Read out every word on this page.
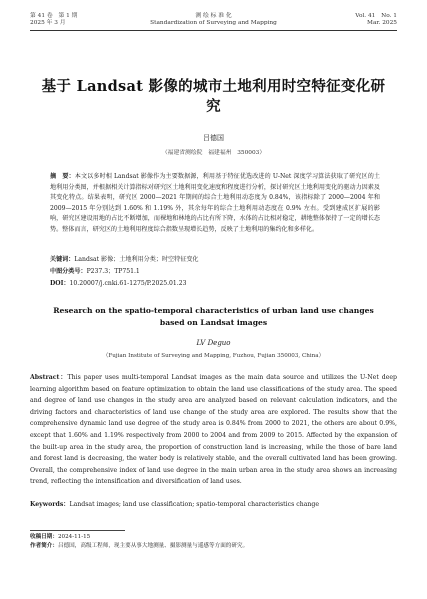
第 41 卷　第 1 期
2025 年 3 月
测 绘 标 准 化
Standardization of Surveying and Mapping
Vol. 41　No. 1
Mar. 2025
基于 Landsat 影像的城市土地利用时空特征变化研究
吕德国
（福建省测绘院　福建福州　350003）
摘　要：本文以多时相 Landsat 影像作为主要数据源，利用基于特征优选改进的 U-Net 深度学习算法获取了研究区的土地利用分类图，并根据相关计算指标对研究区土地利用变化速度和程度进行分析，探讨研究区土地利用变化的驱动力因素及其变化特点。结果表明，研究区 2000—2021 年期间的综合土地利用动态度为 0.84%，该指标除了 2000—2004 年和 2009—2015 年分别达到 1.60% 和 1.19% 外，其余每年的综合土地利用动态度在 0.9% 左右。受到建成区扩展的影响，研究区建设用地的占比不断增加，而裸地和林地的占比有所下降，水体的占比相对稳定，耕地整体保持了一定的增长态势。整体而言，研究区的土地利用程度综合指数呈现增长趋势，反映了土地利用的集约化和多样化。
关键词：Landsat 影像；土地利用分类；时空特征变化
中图分类号：P237.3；TP751.1
DOI：10.20007/j.cnki.61-1275/P.2025.01.23
Research on the spatio-temporal characteristics of urban land use changes based on Landsat images
LV Deguo
（Fujian Institute of Surveying and Mapping, Fuzhou, Fujian 350003, China）
Abstract：This paper uses multi-temporal Landsat images as the main data source and utilizes the U-Net deep learning algorithm based on feature optimization to obtain the land use classifications of the study area. The speed and degree of land use changes in the study area are analyzed based on relevant calculation indicators, and the driving factors and characteristics of land use change of the study area are explored. The results show that the comprehensive dynamic land use degree of the study area is 0.84% from 2000 to 2021, the others are about 0.9%, except that 1.60% and 1.19% respectively from 2000 to 2004 and from 2009 to 2015. Affected by the expansion of the built-up area in the study area, the proportion of construction land is increasing, while the those of bare land and forest land is decreasing, the water body is relatively stable, and the overall cultivated land has been growing. Overall, the comprehensive index of land use degree in the main urban area in the study area shows an increasing trend, reflecting the intensification and diversification of land uses.
Keywords：Landsat images; land use classification; spatio-temporal characteristics change
收稿日期：2024-11-15
作者简介：吕德国，高级工程师，现主要从事大地测量、摄影测量与遥感等方面的研究。
